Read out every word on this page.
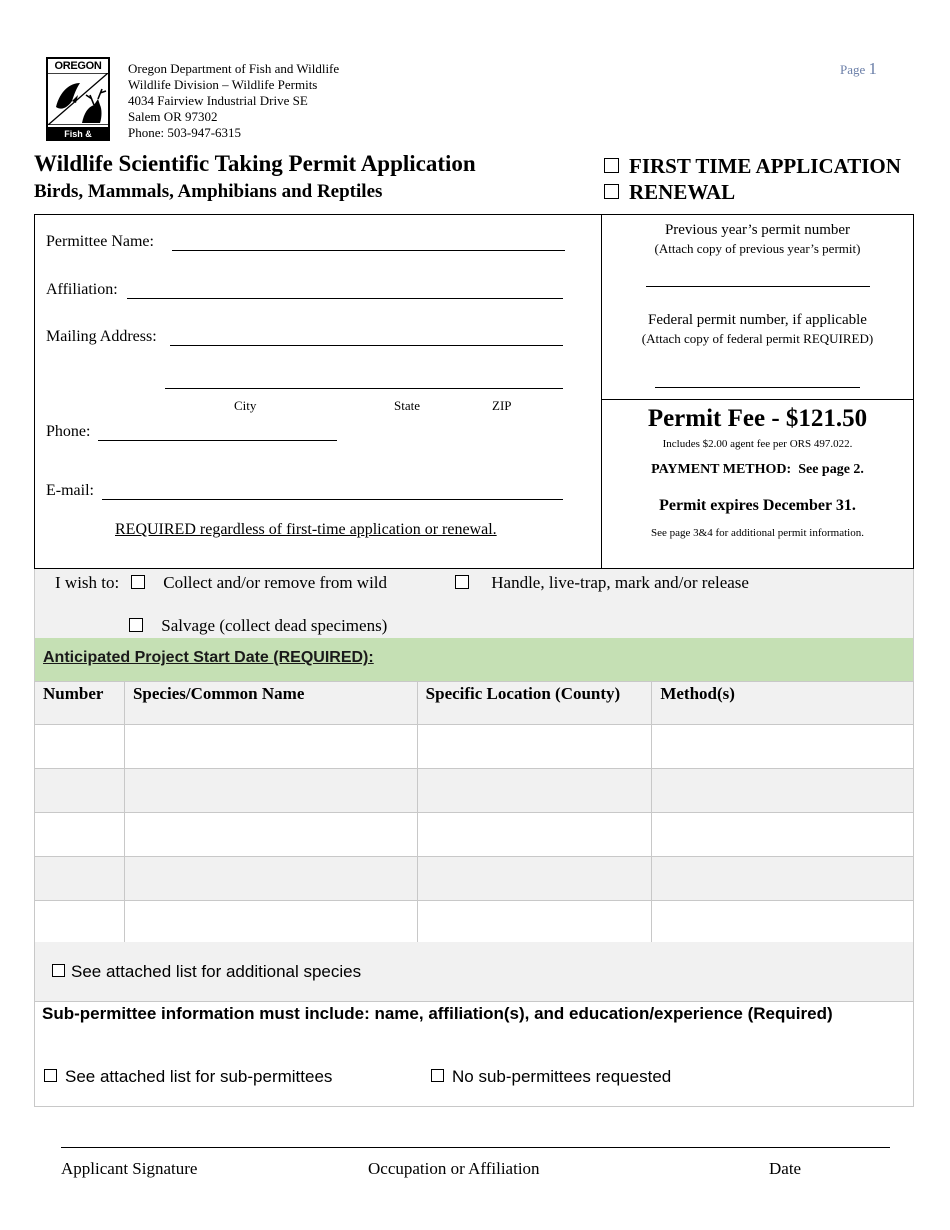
OREGON
Fish & Wildlife
Oregon Department of Fish and Wildlife
Wildlife Division – Wildlife Permits
4034 Fairview Industrial Drive SE
Salem OR 97302
Phone: 503-947-6315
Page 1
Wildlife Scientific Taking Permit Application
Birds, Mammals, Amphibians and Reptiles
FIRST TIME APPLICATION
RENEWAL
Permittee Name:
Affiliation:
Mailing Address:
City	State	ZIP
Phone:
E-mail:
REQUIRED regardless of first-time application or renewal.
Previous year’s permit number
(Attach copy of previous year’s permit)
Federal permit number, if applicable
(Attach copy of federal permit REQUIRED)
Permit Fee - $121.50
Includes $2.00 agent fee per ORS 497.022.
PAYMENT METHOD:  See page 2.
Permit expires December 31.
See page 3&4 for additional permit information.
I wish to:	Collect and/or remove from wild	Handle, live-trap, mark and/or release
Salvage (collect dead specimens)
Anticipated Project Start Date (REQUIRED):
Number	Species/Common Name	Specific Location (County)	Method(s)

See attached list for additional species
Sub-permittee information must include: name, affiliation(s), and education/experience (Required)
See attached list for sub-permittees	No sub-permittees requested
Applicant Signature	Occupation or Affiliation	Date
